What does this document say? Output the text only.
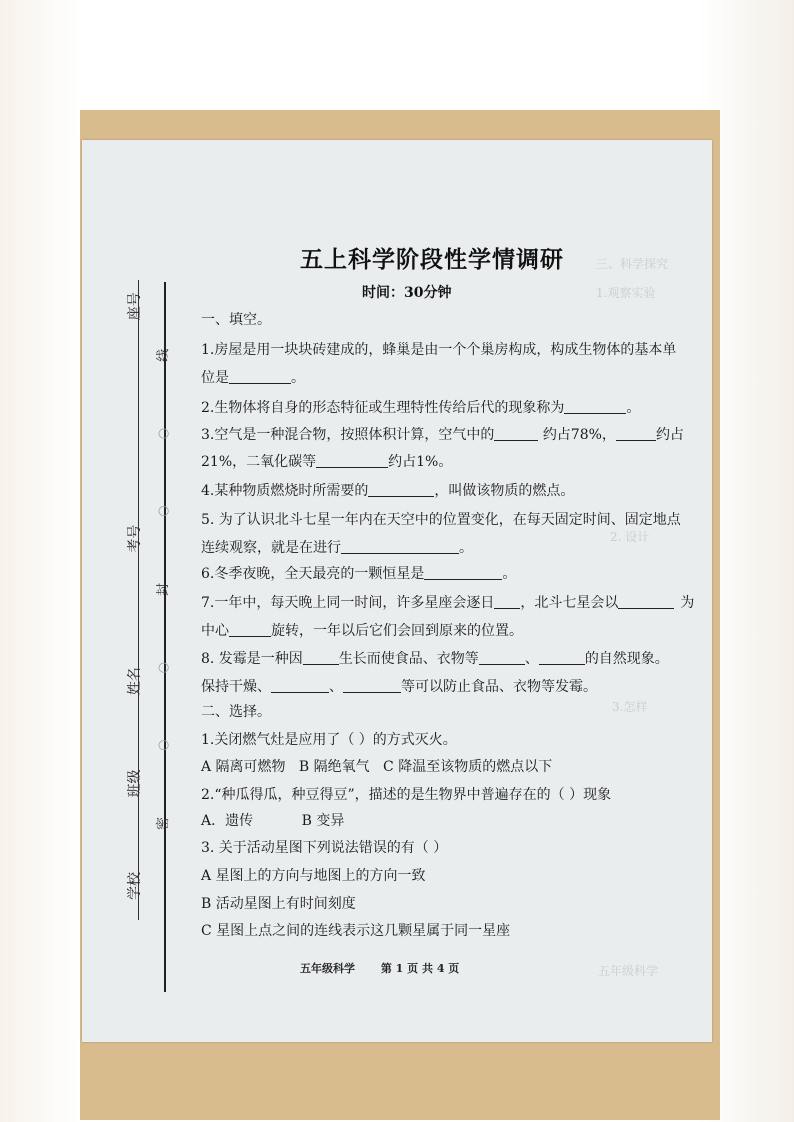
三、科学探究
1.观察实验
2. 设计
3.怎样
学校 班级 姓名 考号 座号
密 ○ ○ 封 ○ ○ 线
五上科学阶段性学情调研
时间：30分钟
一、填空。
1.房屋是用一块块砖建成的，蜂巢是由一个个巢房构成，构成生物体的基本单
位是	。
2.生物体将自身的形态特征或生理特性传给后代的现象称为	。
3.空气是一种混合物，按照体积计算，空气中的	约占78%，	约占
21%，二氧化碳等	约占1%。
4.某种物质燃烧时所需要的	，叫做该物质的燃点。
5. 为了认识北斗七星一年内在天空中的位置变化，在每天固定时间、固定地点
连续观察，就是在进行	。
6.冬季夜晚，全天最亮的一颗恒星是	。
7.一年中，每天晚上同一时间，许多星座会逐日 ，北斗七星会以	为
中心	旋转，一年以后它们会回到原来的位置。
8. 发霉是一种因	生长而使食品、衣物等	、	的自然现象。
保持干燥、	、	等可以防止食品、衣物等发霉。
二、选择。
1.关闭燃气灶是应用了（ ）的方式灭火。
A 隔离可燃物 B 隔绝氧气 C 降温至该物质的燃点以下
2.“种瓜得瓜，种豆得豆”，描述的是生物界中普遍存在的（ ）现象
A．遗传	B 变异
3. 关于活动星图下列说法错误的有（ ）
A 星图上的方向与地图上的方向一致
B 活动星图上有时间刻度
C 星图上点之间的连线表示这几颗星属于同一星座
五年级科学 第 1 页 共 4 页	五年级科学
